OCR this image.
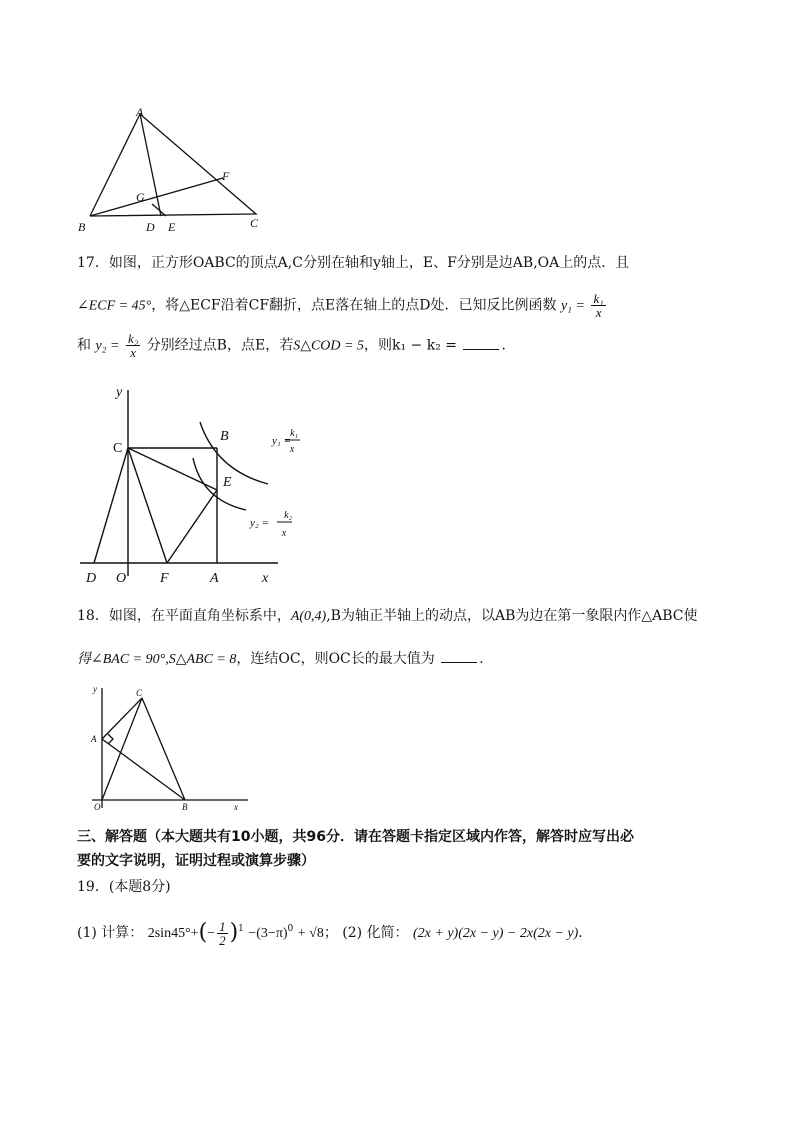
A
B	C
D E
F
G
17．如图，正方形OABC的顶点A,C分别在轴和y轴上，E、F分别是边AB,OA上的点．且
∠ECF = 45°，将△ECF沿着CF翻折，点E落在轴上的点D处．已知反比例函数 $y_1 = \frac{\text{k₁}}{x}$
和 $y_2 = \frac{\text{k₂}}{x}$ 分别经过点B，点E，若S△COD = 5，则k₁ − k₂ =	．
y
C
B
E
D O F	A	x
y₁ =
k₁
x
y₂ =
k₂
x
18．如图，在平面直角坐标系中，A(0,4),B为轴正半轴上的动点，以AB为边在第一象限内作△ABC使
得∠BAC = 90°,S△ABC = 8，连结OC，则OC长的最大值为	．
y	C
A
O	B	x
三、解答题（本大题共有10小题，共96分．请在答题卡指定区域内作答，解答时应写出必
要的文字说明，证明过程或演算步骤）
19．(本题8分)
(1) 计算： $2\sin 45^\circ+(- \frac{1}{2} )^1 -(3-\pi)^0 + √8$； (2) 化简： (2x + y)(2x − y) − 2x(2x − y)．
